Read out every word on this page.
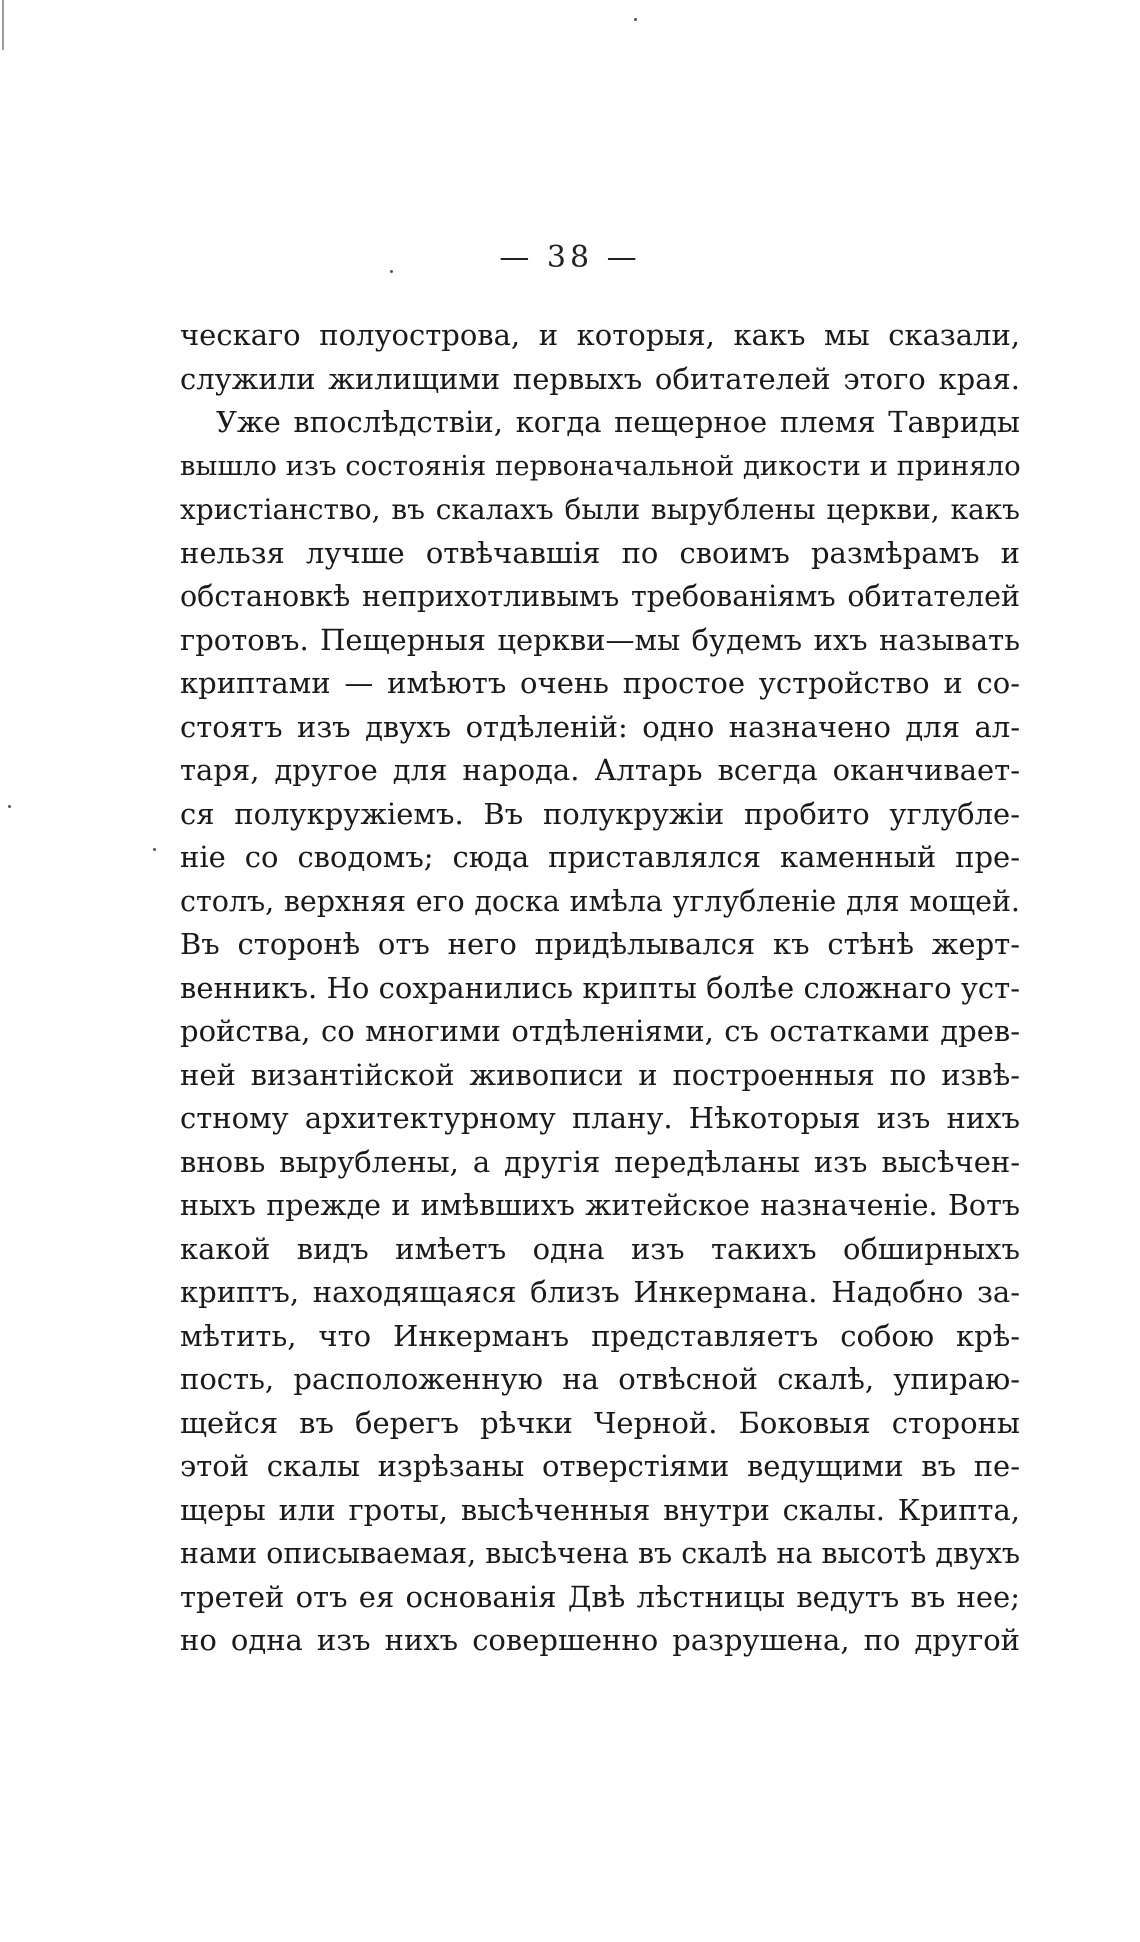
— 38 —
ческаго полуострова, и которыя, какъ мы сказали,
служили жилищими первыхъ обитателей этого края.
Уже впослѣдствіи, когда пещерное племя Тавриды
вышло изъ состоянія первоначальной дикости и приняло
христіанство, въ скалахъ были вырублены церкви, какъ
нельзя лучше отвѣчавшія по своимъ размѣрамъ и
обстановкѣ неприхотливымъ требованіямъ обитателей
гротовъ. Пещерныя церкви—мы будемъ ихъ называть
криптами — имѣютъ очень простое устройство и со-
стоятъ изъ двухъ отдѣленій: одно назначено для ал-
таря, другое для народа. Алтарь всегда оканчивает-
ся полукружіемъ. Въ полукружіи пробито углубле-
ніе со сводомъ; сюда приставлялся каменный пре-
столъ, верхняя его доска имѣла углубленіе для мощей.
Въ сторонѣ отъ него придѣлывался къ стѣнѣ жерт-
венникъ. Но сохранились крипты болѣе сложнаго уст-
ройства, со многими отдѣленіями, съ остатками древ-
ней византійской живописи и построенныя по извѣ-
стному архитектурному плану. Нѣкоторыя изъ нихъ
вновь вырублены, а другія передѣланы изъ высѣчен-
ныхъ прежде и имѣвшихъ житейское назначеніе. Вотъ
какой видъ имѣетъ одна изъ такихъ обширныхъ
криптъ, находящаяся близъ Инкермана. Надобно за-
мѣтить, что Инкерманъ представляетъ собою крѣ-
пость, расположенную на отвѣсной скалѣ, упираю-
щейся въ берегъ рѣчки Черной. Боковыя стороны
этой скалы изрѣзаны отверстіями ведущими въ пе-
щеры или гроты, высѣченныя внутри скалы. Крипта,
нами описываемая, высѣчена въ скалѣ на высотѣ двухъ
третей отъ ея основанія Двѣ лѣстницы ведутъ въ нее;
но одна изъ нихъ совершенно разрушена, по другой
